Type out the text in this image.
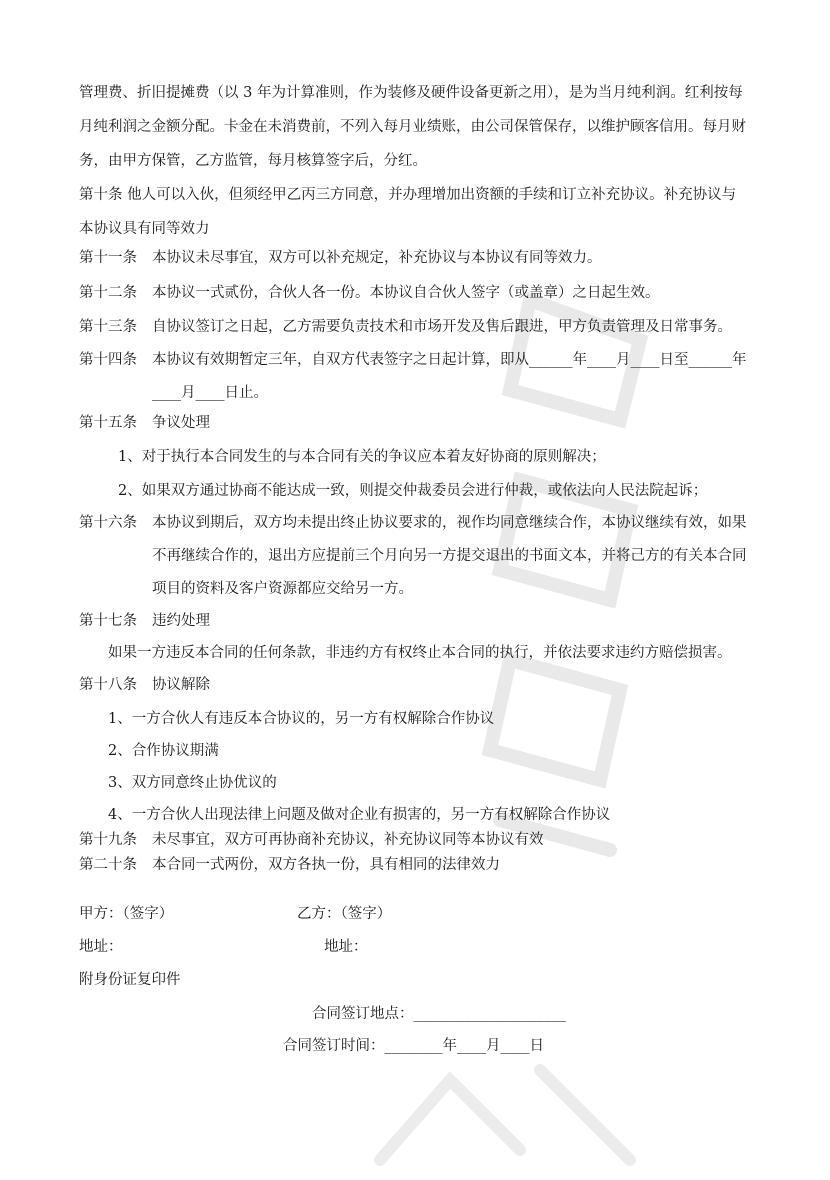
管理费、折旧提摊费（以 3 年为计算准则，作为装修及硬件设备更新之用），是为当月纯利润。红利按每
月纯利润之金额分配。卡金在未消费前，不列入每月业绩账，由公司保管保存，以维护顾客信用。每月财
务，由甲方保管，乙方监管，每月核算签字后，分红。
第十条 他人可以入伙，但须经甲乙丙三方同意，并办理增加出资额的手续和订立补充协议。补充协议与
本协议具有同等效力
第十一条 本协议未尽事宜，双方可以补充规定，补充协议与本协议有同等效力。
第十二条 本协议一式贰份，合伙人各一份。本协议自合伙人签字（或盖章）之日起生效。
第十三条 自协议签订之日起，乙方需要负责技术和市场开发及售后跟进，甲方负责管理及日常事务。
第十四条 本协议有效期暂定三年，自双方代表签字之日起计算，即从______年____月____日至______年
____月____日止。
第十五条 争议处理
1、对于执行本合同发生的与本合同有关的争议应本着友好协商的原则解决；
2、如果双方通过协商不能达成一致，则提交仲裁委员会进行仲裁，或依法向人民法院起诉；
第十六条 本协议到期后，双方均未提出终止协议要求的，视作均同意继续合作，本协议继续有效，如果
不再继续合作的，退出方应提前三个月向另一方提交退出的书面文本，并将己方的有关本合同
项目的资料及客户资源都应交给另一方。
第十七条 违约处理
如果一方违反本合同的任何条款，非违约方有权终止本合同的执行，并依法要求违约方赔偿损害。
第十八条 协议解除
1、一方合伙人有违反本合协议的，另一方有权解除合作协议
2、合作协议期满
3、双方同意终止协优议的
4、一方合伙人出现法律上问题及做对企业有损害的，另一方有权解除合作协议
第十九条 未尽事宜，双方可再协商补充协议，补充协议同等本协议有效
第二十条 本合同一式两份，双方各执一份，具有相同的法律效力
甲方：（签字）	乙方：（签字）
地址：	地址：
附身份证复印件
合同签订地点：_____________________
合同签订时间：________年____月____日
